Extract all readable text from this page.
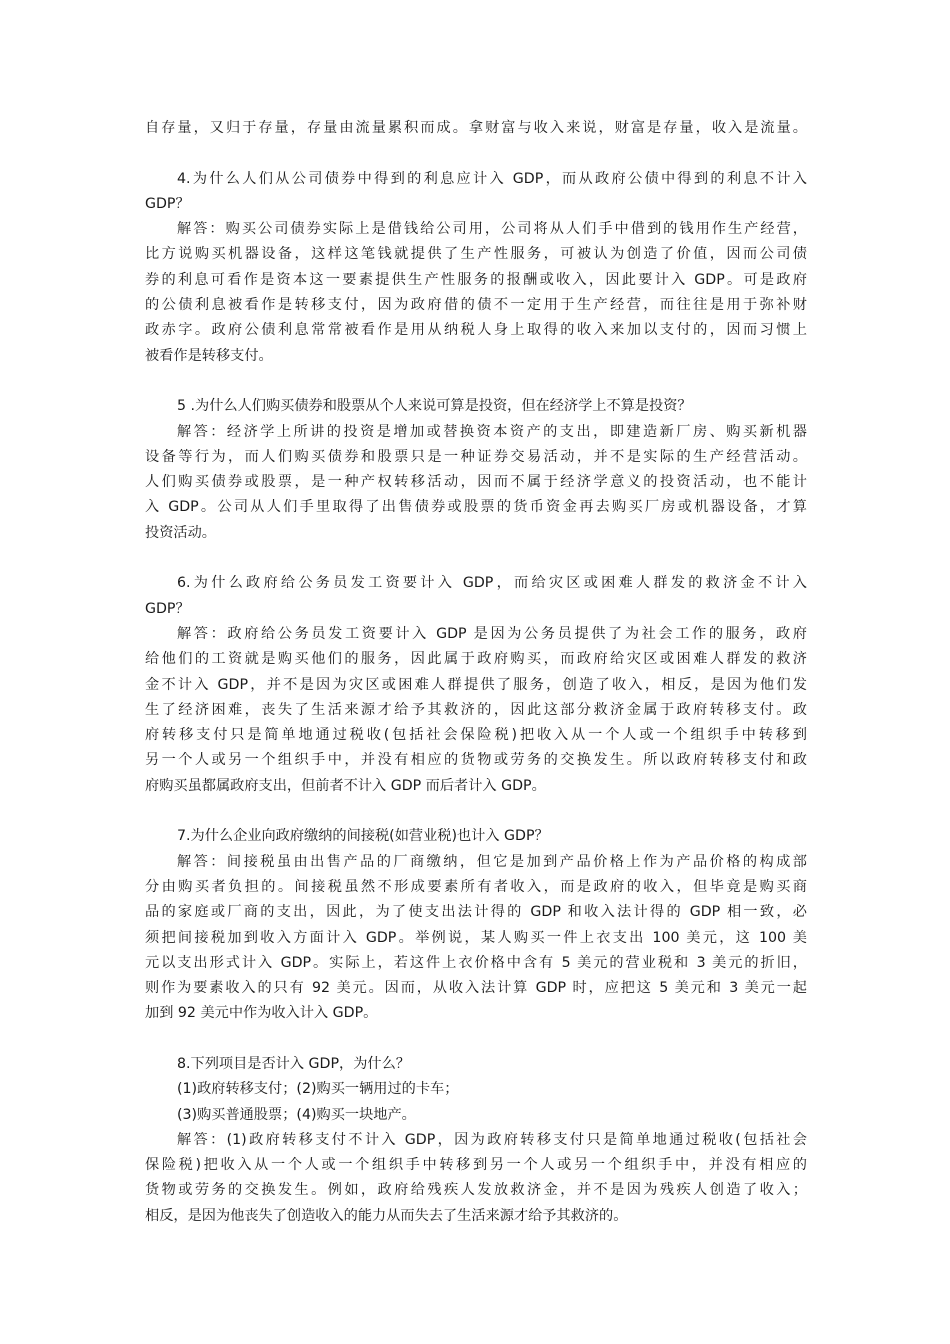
自存量，又归于存量，存量由流量累积而成。拿财富与收入来说，财富是存量，收入是流量。
4.为什么人们从公司债券中得到的利息应计入 GDP，而从政府公债中得到的利息不计入
GDP？
解答：购买公司债券实际上是借钱给公司用，公司将从人们手中借到的钱用作生产经营，
比方说购买机器设备，这样这笔钱就提供了生产性服务，可被认为创造了价值，因而公司债
券的利息可看作是资本这一要素提供生产性服务的报酬或收入，因此要计入 GDP。可是政府
的公债利息被看作是转移支付，因为政府借的债不一定用于生产经营，而往往是用于弥补财
政赤字。政府公债利息常常被看作是用从纳税人身上取得的收入来加以支付的，因而习惯上
被看作是转移支付。
5 .为什么人们购买债券和股票从个人来说可算是投资，但在经济学上不算是投资？
解答：经济学上所讲的投资是增加或替换资本资产的支出，即建造新厂房、购买新机器
设备等行为，而人们购买债券和股票只是一种证券交易活动，并不是实际的生产经营活动。
人们购买债券或股票，是一种产权转移活动，因而不属于经济学意义的投资活动，也不能计
入 GDP。公司从人们手里取得了出售债券或股票的货币资金再去购买厂房或机器设备，才算
投资活动。
6.为什么政府给公务员发工资要计入 GDP，而给灾区或困难人群发的救济金不计入
GDP？
解答：政府给公务员发工资要计入 GDP 是因为公务员提供了为社会工作的服务，政府
给他们的工资就是购买他们的服务，因此属于政府购买，而政府给灾区或困难人群发的救济
金不计入 GDP，并不是因为灾区或困难人群提供了服务，创造了收入，相反，是因为他们发
生了经济困难，丧失了生活来源才给予其救济的，因此这部分救济金属于政府转移支付。政
府转移支付只是简单地通过税收(包括社会保险税)把收入从一个人或一个组织手中转移到
另一个人或另一个组织手中，并没有相应的货物或劳务的交换发生。所以政府转移支付和政
府购买虽都属政府支出，但前者不计入 GDP 而后者计入 GDP。
7.为什么企业向政府缴纳的间接税(如营业税)也计入 GDP？
解答：间接税虽由出售产品的厂商缴纳，但它是加到产品价格上作为产品价格的构成部
分由购买者负担的。间接税虽然不形成要素所有者收入，而是政府的收入，但毕竟是购买商
品的家庭或厂商的支出，因此，为了使支出法计得的 GDP 和收入法计得的 GDP 相一致，必
须把间接税加到收入方面计入 GDP。举例说，某人购买一件上衣支出 100 美元，这 100 美
元以支出形式计入 GDP。实际上，若这件上衣价格中含有 5 美元的营业税和 3 美元的折旧，
则作为要素收入的只有 92 美元。因而，从收入法计算 GDP 时，应把这 5 美元和 3 美元一起
加到 92 美元中作为收入计入 GDP。
8.下列项目是否计入 GDP，为什么？
(1)政府转移支付；(2)购买一辆用过的卡车；
(3)购买普通股票；(4)购买一块地产。
解答：(1)政府转移支付不计入 GDP，因为政府转移支付只是简单地通过税收(包括社会
保险税)把收入从一个人或一个组织手中转移到另一个人或另一个组织手中，并没有相应的
货物或劳务的交换发生。例如，政府给残疾人发放救济金，并不是因为残疾人创造了收入；
相反，是因为他丧失了创造收入的能力从而失去了生活来源才给予其救济的。
